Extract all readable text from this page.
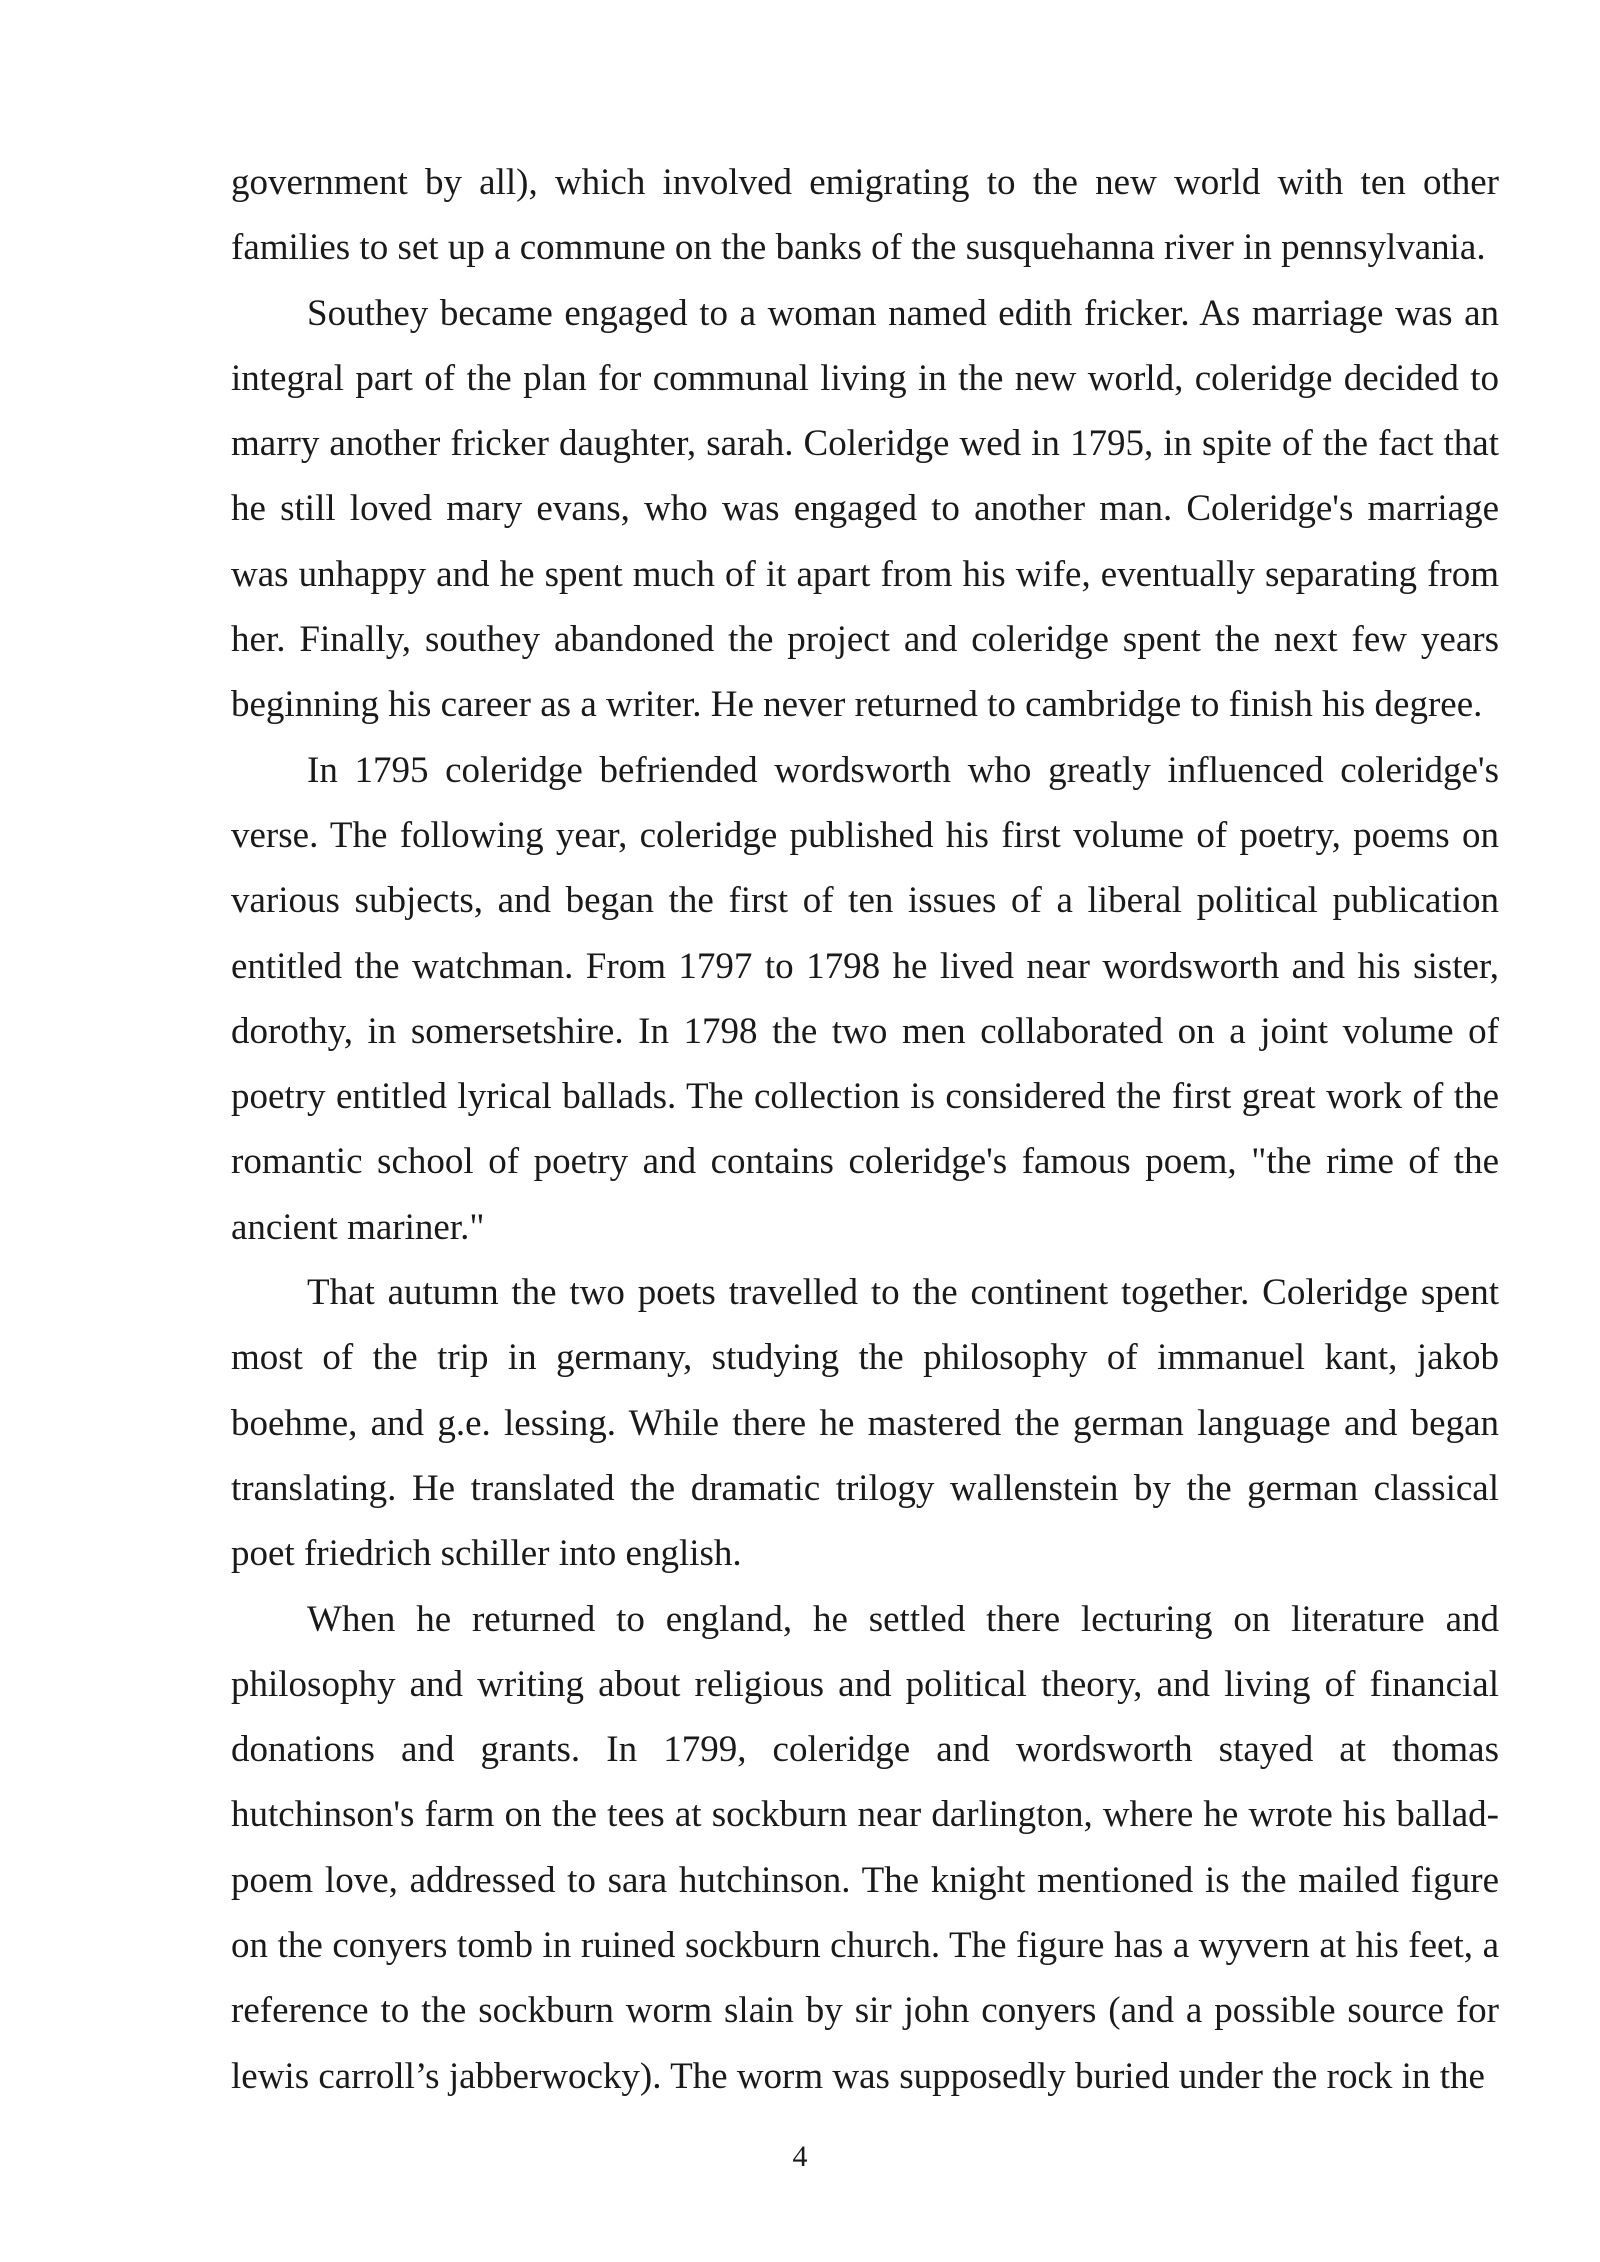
government by all), which involved emigrating to the new world with ten other families to set up a commune on the banks of the susquehanna river in pennsylvania.

Southey became engaged to a woman named edith fricker. As marriage was an integral part of the plan for communal living in the new world, coleridge decided to marry another fricker daughter, sarah. Coleridge wed in 1795, in spite of the fact that he still loved mary evans, who was engaged to another man. Coleridge's marriage was unhappy and he spent much of it apart from his wife, eventually separating from her. Finally, southey abandoned the project and coleridge spent the next few years beginning his career as a writer. He never returned to cambridge to finish his degree.

In 1795 coleridge befriended wordsworth who greatly influenced coleridge's verse. The following year, coleridge published his first volume of poetry, poems on various subjects, and began the first of ten issues of a liberal political publication entitled the watchman. From 1797 to 1798 he lived near wordsworth and his sister, dorothy, in somersetshire. In 1798 the two men collaborated on a joint volume of poetry entitled lyrical ballads. The collection is considered the first great work of the romantic school of poetry and contains coleridge's famous poem, "the rime of the ancient mariner."

That autumn the two poets travelled to the continent together. Coleridge spent most of the trip in germany, studying the philosophy of immanuel kant, jakob boehme, and g.e. lessing. While there he mastered the german language and began translating. He translated the dramatic trilogy wallenstein by the german classical poet friedrich schiller into english.

When he returned to england, he settled there lecturing on literature and philosophy and writing about religious and political theory, and living of financial donations and grants. In 1799, coleridge and wordsworth stayed at thomas hutchinson's farm on the tees at sockburn near darlington, where he wrote his ballad-poem love, addressed to sara hutchinson. The knight mentioned is the mailed figure on the conyers tomb in ruined sockburn church. The figure has a wyvern at his feet, a reference to the sockburn worm slain by sir john conyers (and a possible source for lewis carroll’s jabberwocky). The worm was supposedly buried under the rock in the

4
